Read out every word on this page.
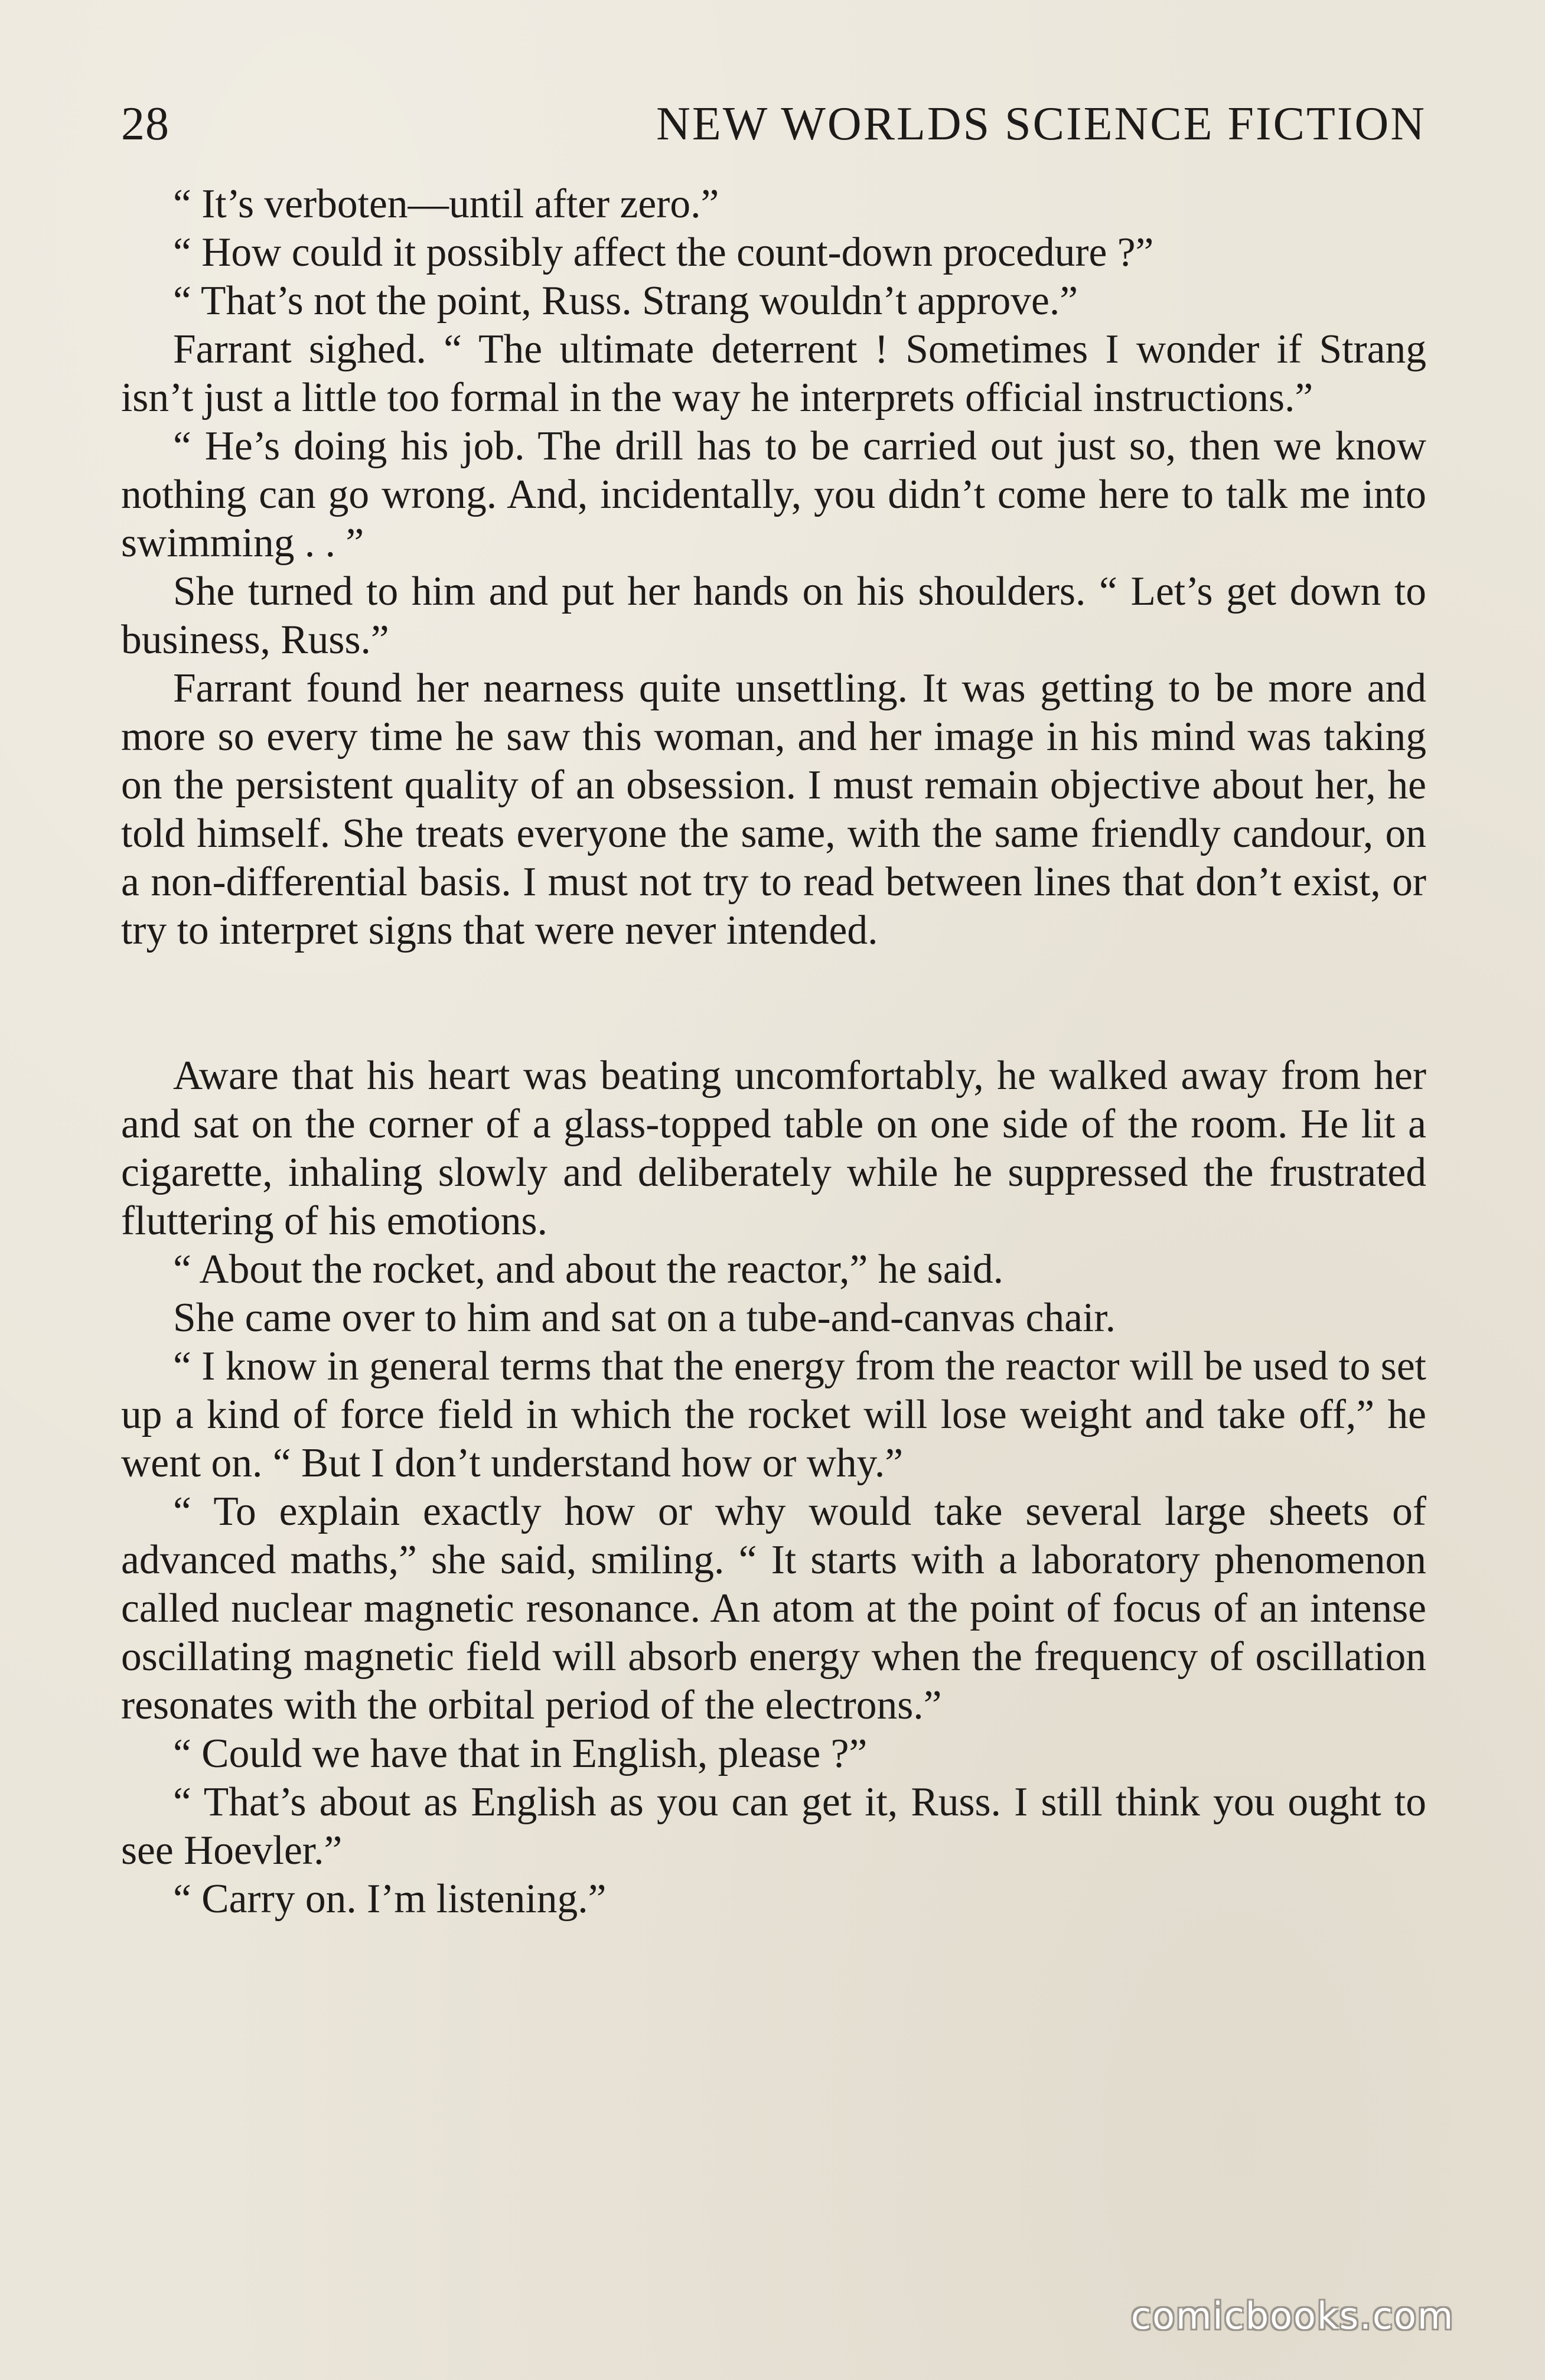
28	NEW WORLDS SCIENCE FICTION

“ It’s verboten—until after zero.”

“ How could it possibly affect the count-down procedure ?”

“ That’s not the point, Russ. Strang wouldn’t approve.”

Farrant sighed. “ The ultimate deterrent ! Sometimes I wonder if Strang isn’t just a little too formal in the way he interprets official instructions.”

“ He’s doing his job. The drill has to be carried out just so, then we know nothing can go wrong. And, incidentally, you didn’t come here to talk me into swimming . . ”

She turned to him and put her hands on his shoulders. “ Let’s get down to business, Russ.”

Farrant found her nearness quite unsettling. It was getting to be more and more so every time he saw this woman, and her image in his mind was taking on the persistent quality of an obsession. I must remain objective about her, he told himself. She treats everyone the same, with the same friendly candour, on a non-differential basis. I must not try to read between lines that don’t exist, or try to interpret signs that were never intended.

Aware that his heart was beating uncomfortably, he walked away from her and sat on the corner of a glass-topped table on one side of the room. He lit a cigarette, inhaling slowly and deliberately while he suppressed the frustrated fluttering of his emotions.

“ About the rocket, and about the reactor,” he said.

She came over to him and sat on a tube-and-canvas chair.

“ I know in general terms that the energy from the reactor will be used to set up a kind of force field in which the rocket will lose weight and take off,” he went on. “ But I don’t understand how or why.”

“ To explain exactly how or why would take several large sheets of advanced maths,” she said, smiling. “ It starts with a laboratory phenomenon called nuclear magnetic resonance. An atom at the point of focus of an intense oscillating magnetic field will absorb energy when the frequency of oscillation resonates with the orbital period of the electrons.”

“ Could we have that in English, please ?”

“ That’s about as English as you can get it, Russ. I still think you ought to see Hoevler.”

“ Carry on. I’m listening.”

comicbooks.com
